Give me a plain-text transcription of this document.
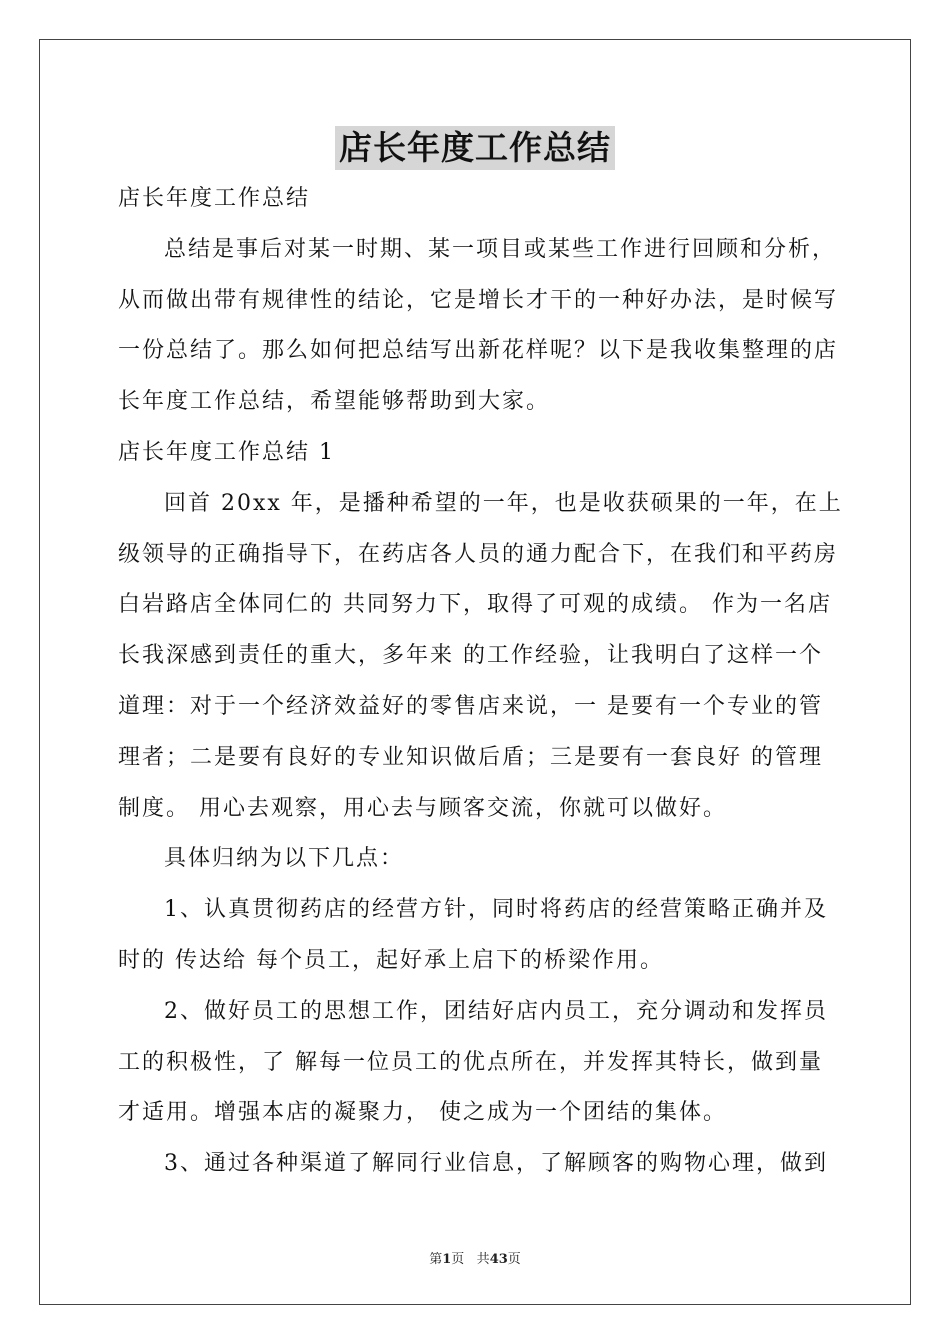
店长年度工作总结
店长年度工作总结
总结是事后对某一时期、某一项目或某些工作进行回顾和分析，
从而做出带有规律性的结论，它是增长才干的一种好办法，是时候写
一份总结了。那么如何把总结写出新花样呢？以下是我收集整理的店
长年度工作总结，希望能够帮助到大家。
店长年度工作总结 1
回首 20xx 年，是播种希望的一年，也是收获硕果的一年，在上
级领导的正确指导下，在药店各人员的通力配合下，在我们和平药房
白岩路店全体同仁的 共同努力下，取得了可观的成绩。 作为一名店
长我深感到责任的重大，多年来 的工作经验，让我明白了这样一个
道理：对于一个经济效益好的零售店来说，一 是要有一个专业的管
理者；二是要有良好的专业知识做后盾；三是要有一套良好 的管理
制度。 用心去观察，用心去与顾客交流，你就可以做好。
具体归纳为以下几点：
1、认真贯彻药店的经营方针，同时将药店的经营策略正确并及
时的 传达给 每个员工，起好承上启下的桥梁作用。
2、做好员工的思想工作，团结好店内员工，充分调动和发挥员
工的积极性，了 解每一位员工的优点所在，并发挥其特长，做到量
才适用。增强本店的凝聚力， 使之成为一个团结的集体。
3、通过各种渠道了解同行业信息，了解顾客的购物心理，做到
第1页 共43页
